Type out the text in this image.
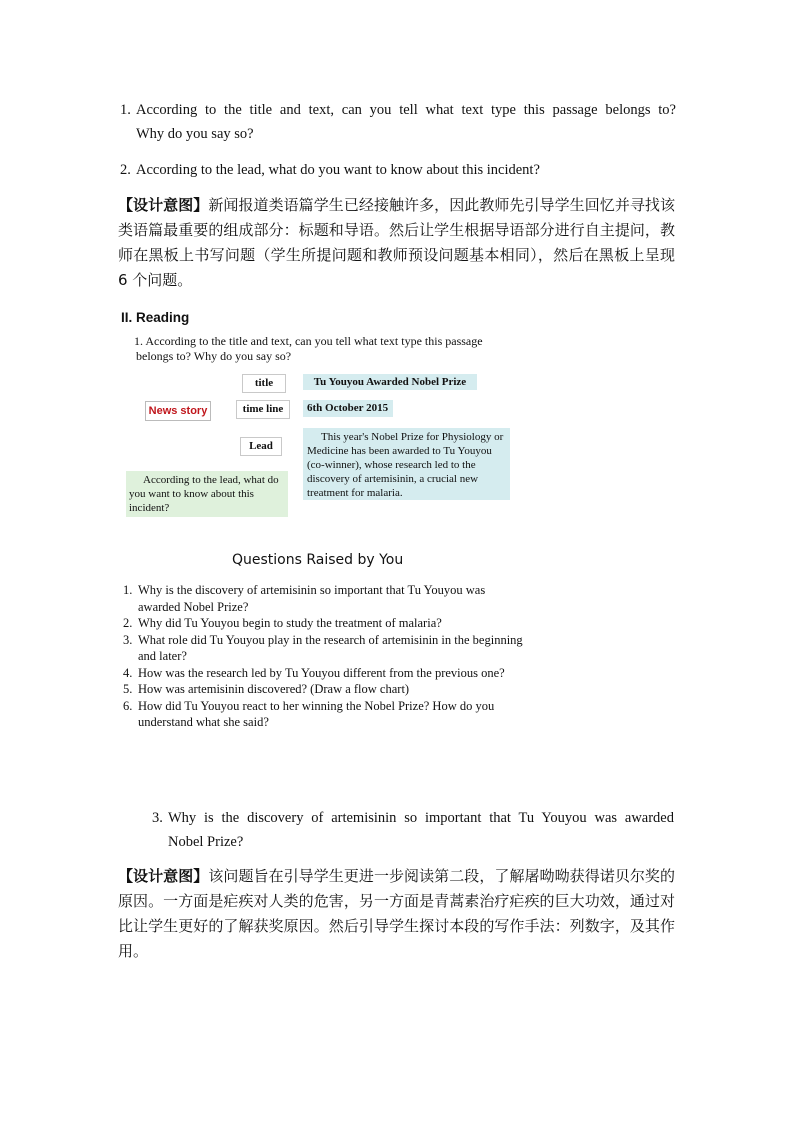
1. According to the title and text, can you tell what text type this passage belongs to?
Why do you say so?
2. According to the lead, what do you want to know about this incident?
【设计意图】新闻报道类语篇学生已经接触许多，因此教师先引导学生回忆并寻找该类语篇最重要的组成部分：标题和导语。然后让学生根据导语部分进行自主提问，教师在黑板上书写问题（学生所提问题和教师预设问题基本相同），然后在黑板上呈现 6 个问题。
II. Reading
1. According to the title and text, can you tell what text type this passage
belongs to? Why do you say so?
News story
title	Tu Youyou Awarded Nobel Prize
time line	6th October 2015
Lead
This year's Nobel Prize for Physiology or Medicine has been awarded to Tu Youyou (co-winner), whose research led to the discovery of artemisinin, a crucial new treatment for malaria.
According to the lead, what do you want to know about this incident?
Questions Raised by You
1. Why is the discovery of artemisinin so important that Tu Youyou was awarded Nobel Prize?
2. Why did Tu Youyou begin to study the treatment of malaria?
3. What role did Tu Youyou play in the research of artemisinin in the beginning and later?
4. How was the research led by Tu Youyou different from the previous one?
5. How was artemisinin discovered? (Draw a flow chart)
6. How did Tu Youyou react to her winning the Nobel Prize? How do you understand what she said?
3. Why is the discovery of artemisinin so important that Tu Youyou was awarded
Nobel Prize?
【设计意图】该问题旨在引导学生更进一步阅读第二段，了解屠呦呦获得诺贝尔奖的原因。一方面是疟疾对人类的危害，另一方面是青蒿素治疗疟疾的巨大功效，通过对比让学生更好的了解获奖原因。然后引导学生探讨本段的写作手法：列数字，及其作用。
